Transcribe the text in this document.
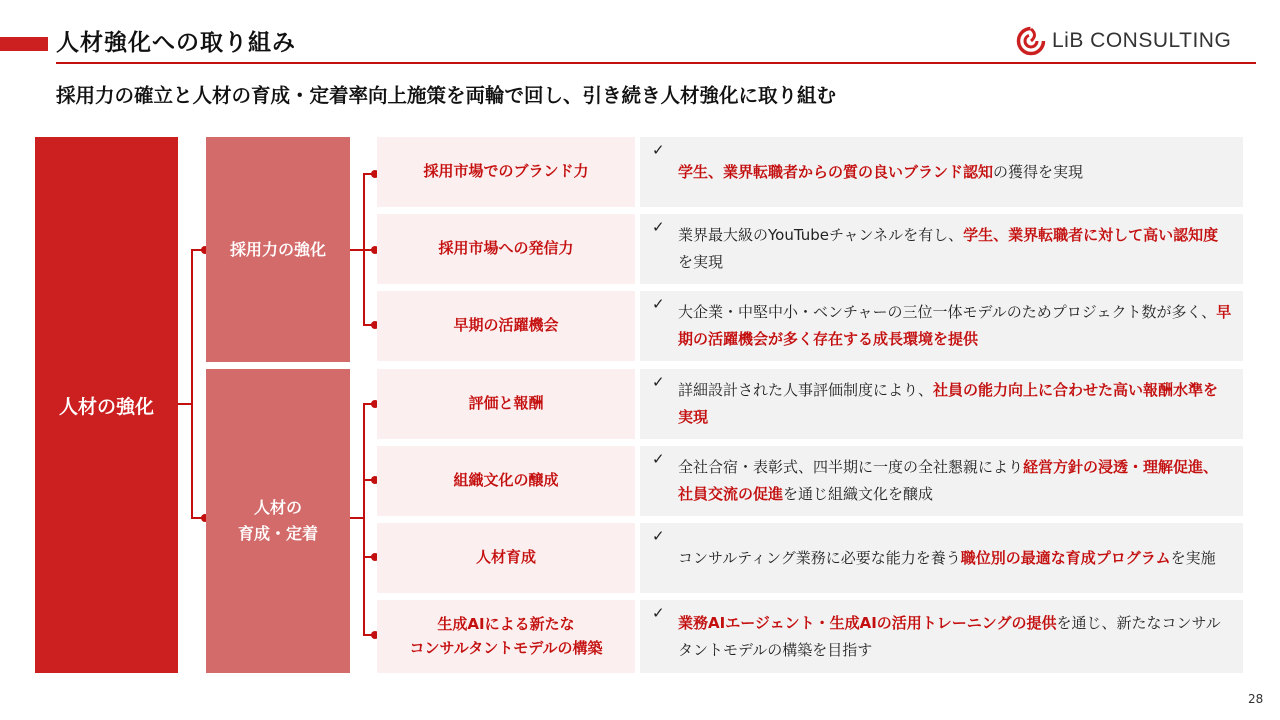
人材強化への取り組み	LiB CONSULTING
採用力の確立と人材の育成・定着率向上施策を両輪で回し、引き続き人材強化に取り組む
人材の強化
採用力の強化
人材の
育成・定着
採用市場でのブランド力
✓
学生、業界転職者からの質の良いブランド認知の獲得を実現
採用市場への発信力
✓ 業界最大級のYouTubeチャンネルを有し、学生、業界転職者に対して高い認知度を実現
早期の活躍機会
✓ 大企業・中堅中小・ベンチャーの三位一体モデルのためプロジェクト数が多く、早期の活躍機会が多く存在する成長環境を提供
評価と報酬
✓ 詳細設計された人事評価制度により、社員の能力向上に合わせた高い報酬水準を実現
組織文化の醸成
✓ 全社合宿・表彰式、四半期に一度の全社懇親により経営方針の浸透・理解促進、社員交流の促進を通じ組織文化を醸成
人材育成
✓
コンサルティング業務に必要な能力を養う職位別の最適な育成プログラムを実施
生成AIによる新たな
コンサルタントモデルの構築
✓
業務AIエージェント・生成AIの活用トレーニングの提供を通じ、新たなコンサルタントモデルの構築を目指す
28
